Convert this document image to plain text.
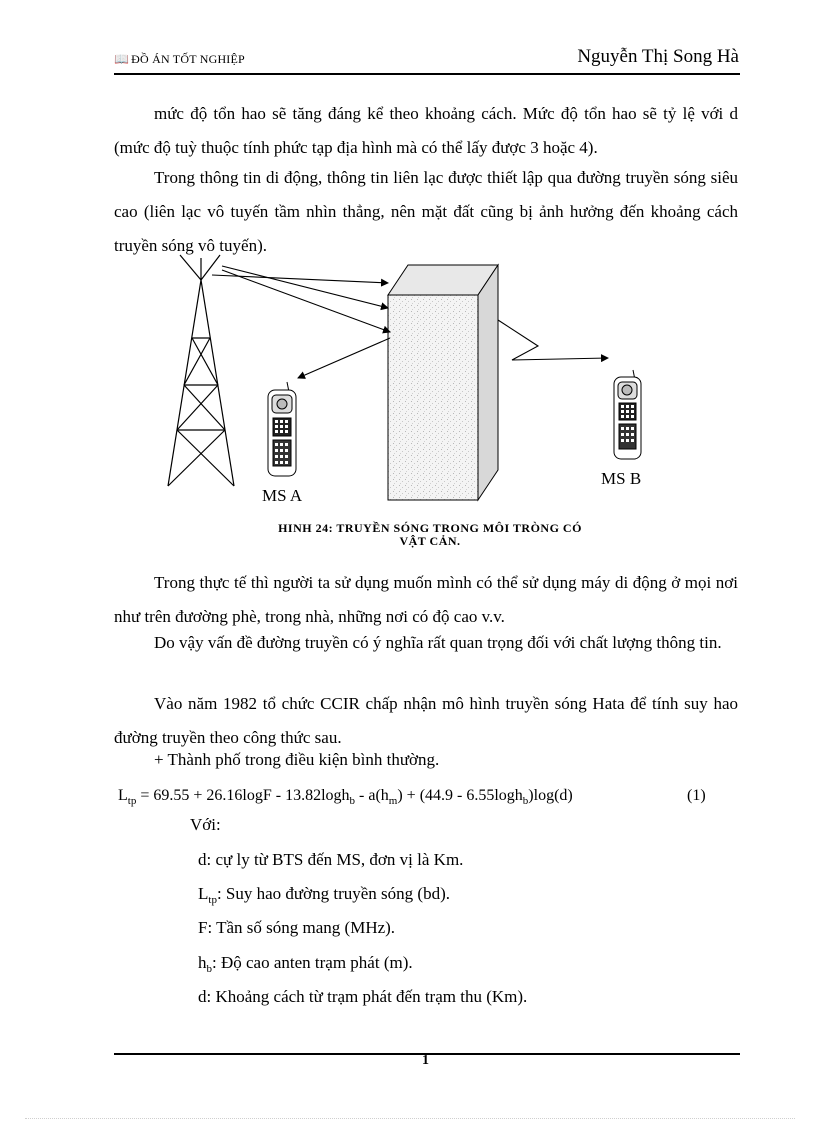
📖 ĐỒ ÁN TỐT NGHIỆP	Nguyễn Thị Song Hà
mức độ tổn hao sẽ tăng đáng kể theo khoảng cách. Mức độ tổn hao sẽ tỷ lệ với d (mức độ tuỳ thuộc tính phức tạp địa hình mà có thể lấy được 3 hoặc 4).
Trong thông tin di động, thông tin liên lạc được thiết lập qua đường truyền sóng siêu cao (liên lạc vô tuyến tầm nhìn thẳng, nên mặt đất cũng bị ảnh hưởng đến khoảng cách truyền sóng vô tuyến).
MS A
MS B
HINH 24: TRUYỀN SÓNG TRONG MÔI TRÒNG CÓ
VẬT CẢN.
Trong thực tế thì người ta sử dụng muốn mình có thể sử dụng máy di động ở mọi nơi như trên đươờng phè, trong nhà, những nơi có độ cao v.v.
Do vậy vấn đề đường truyền có ý nghĩa rất quan trọng đối với chất lượng thông tin.
Vào năm 1982 tổ chức CCIR chấp nhận mô hình truyền sóng Hata để tính suy hao đường truyền theo công thức sau.
+ Thành phố trong điều kiện bình thường.
$L_{tp} = 69.55 + 26.16\log F - 13.82\log h_b - a(h_m) + (44.9 - 6.55\log h_b)\log(d)$	(1)
Với:
d: cự ly từ BTS đến MS, đơn vị là Km.
$L_{tp}$: Suy hao đường truyền sóng (bd).
F: Tần số sóng mang (MHz).
$h_b$: Độ cao anten trạm phát (m).
d: Khoảng cách từ trạm phát đến trạm thu (Km).
1
